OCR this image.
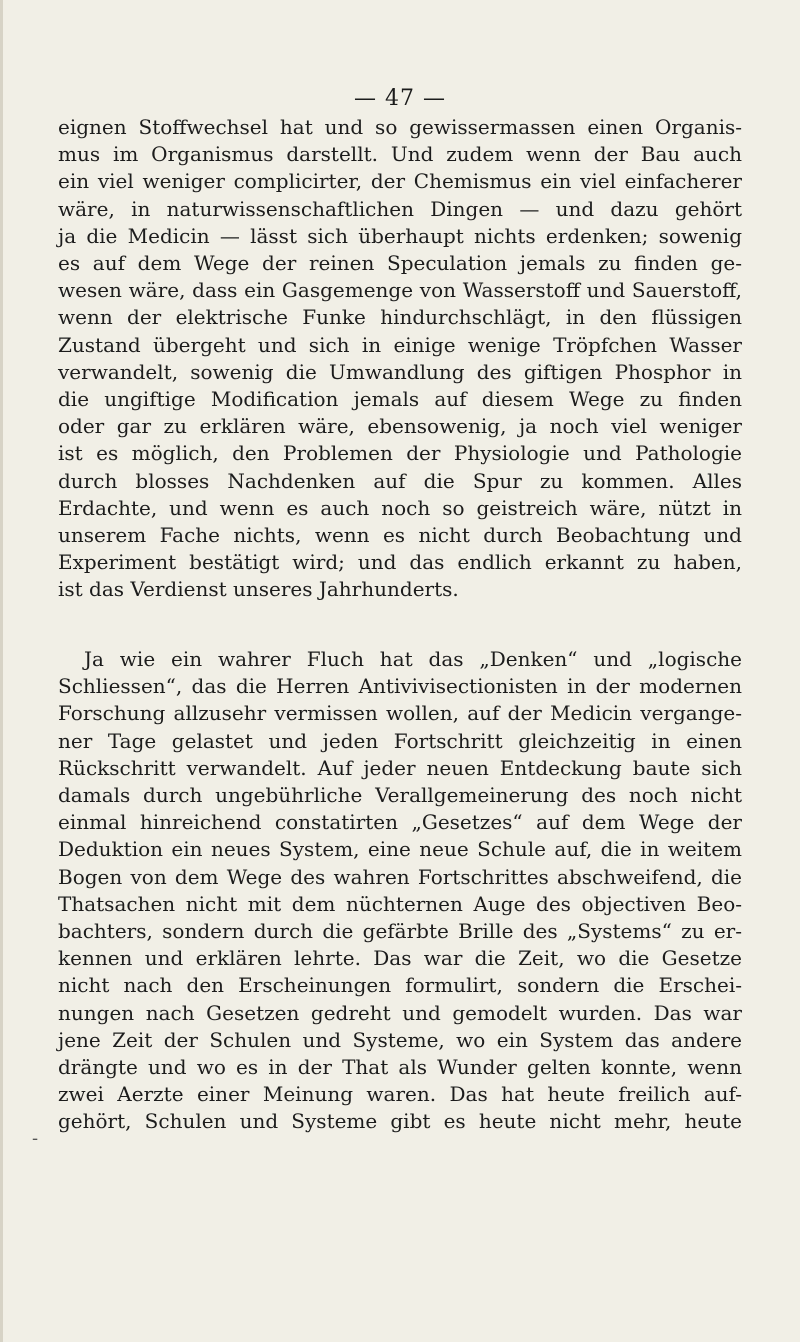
— 47 —
eignen Stoffwechsel hat und so gewissermassen einen Organis-
mus im Organismus darstellt. Und zudem wenn der Bau auch
ein viel weniger complicirter, der Chemismus ein viel einfacherer
wäre, in naturwissenschaftlichen Dingen — und dazu gehört
ja die Medicin — lässt sich überhaupt nichts erdenken; sowenig
es auf dem Wege der reinen Speculation jemals zu finden ge-
wesen wäre, dass ein Gasgemenge von Wasserstoff und Sauerstoff,
wenn der elektrische Funke hindurchschlägt, in den flüssigen
Zustand übergeht und sich in einige wenige Tröpfchen Wasser
verwandelt, sowenig die Umwandlung des giftigen Phosphor in
die ungiftige Modification jemals auf diesem Wege zu finden
oder gar zu erklären wäre, ebensowenig, ja noch viel weniger
ist es möglich, den Problemen der Physiologie und Pathologie
durch blosses Nachdenken auf die Spur zu kommen. Alles
Erdachte, und wenn es auch noch so geistreich wäre, nützt in
unserem Fache nichts, wenn es nicht durch Beobachtung und
Experiment bestätigt wird; und das endlich erkannt zu haben,
ist das Verdienst unseres Jahrhunderts.
Ja wie ein wahrer Fluch hat das „Denken“ und „logische
Schliessen“, das die Herren Antivivisectionisten in der modernen
Forschung allzusehr vermissen wollen, auf der Medicin vergange-
ner Tage gelastet und jeden Fortschritt gleichzeitig in einen
Rückschritt verwandelt. Auf jeder neuen Entdeckung baute sich
damals durch ungebührliche Verallgemeinerung des noch nicht
einmal hinreichend constatirten „Gesetzes“ auf dem Wege der
Deduktion ein neues System, eine neue Schule auf, die in weitem
Bogen von dem Wege des wahren Fortschrittes abschweifend, die
Thatsachen nicht mit dem nüchternen Auge des objectiven Beo-
bachters, sondern durch die gefärbte Brille des „Systems“ zu er-
kennen und erklären lehrte. Das war die Zeit, wo die Gesetze
nicht nach den Erscheinungen formulirt, sondern die Erschei-
nungen nach Gesetzen gedreht und gemodelt wurden. Das war
jene Zeit der Schulen und Systeme, wo ein System das andere
drängte und wo es in der That als Wunder gelten konnte, wenn
zwei Aerzte einer Meinung waren. Das hat heute freilich auf-
gehört, Schulen und Systeme gibt es heute nicht mehr, heute
-
